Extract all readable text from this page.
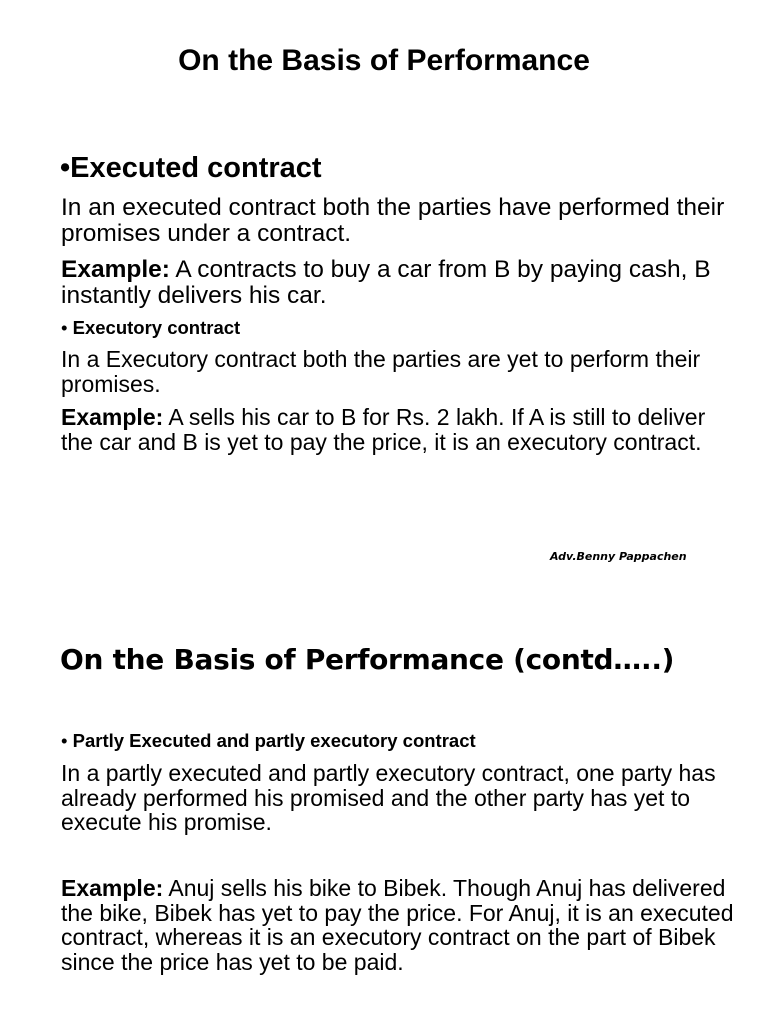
On the Basis of Performance
•Executed contract
In an executed contract both the parties have performed their promises under a contract.
Example: A contracts to buy a car from B by paying cash, B instantly delivers his car.
• Executory contract
In a Executory contract both the parties are yet to perform their promises.
Example: A sells his car to B for Rs. 2 lakh. If A is still to deliver the car and B is yet to pay the price, it is an executory contract.
Adv.Benny Pappachen
On the Basis of Performance (contd…..)
• Partly Executed and partly executory contract
In a partly executed and partly executory contract, one party has already performed his promised and the other party has yet to execute his promise.
Example: Anuj sells his bike to Bibek. Though Anuj has delivered the bike, Bibek has yet to pay the price. For Anuj, it is an executed contract, whereas it is an executory contract on the part of Bibek since the price has yet to be paid.
